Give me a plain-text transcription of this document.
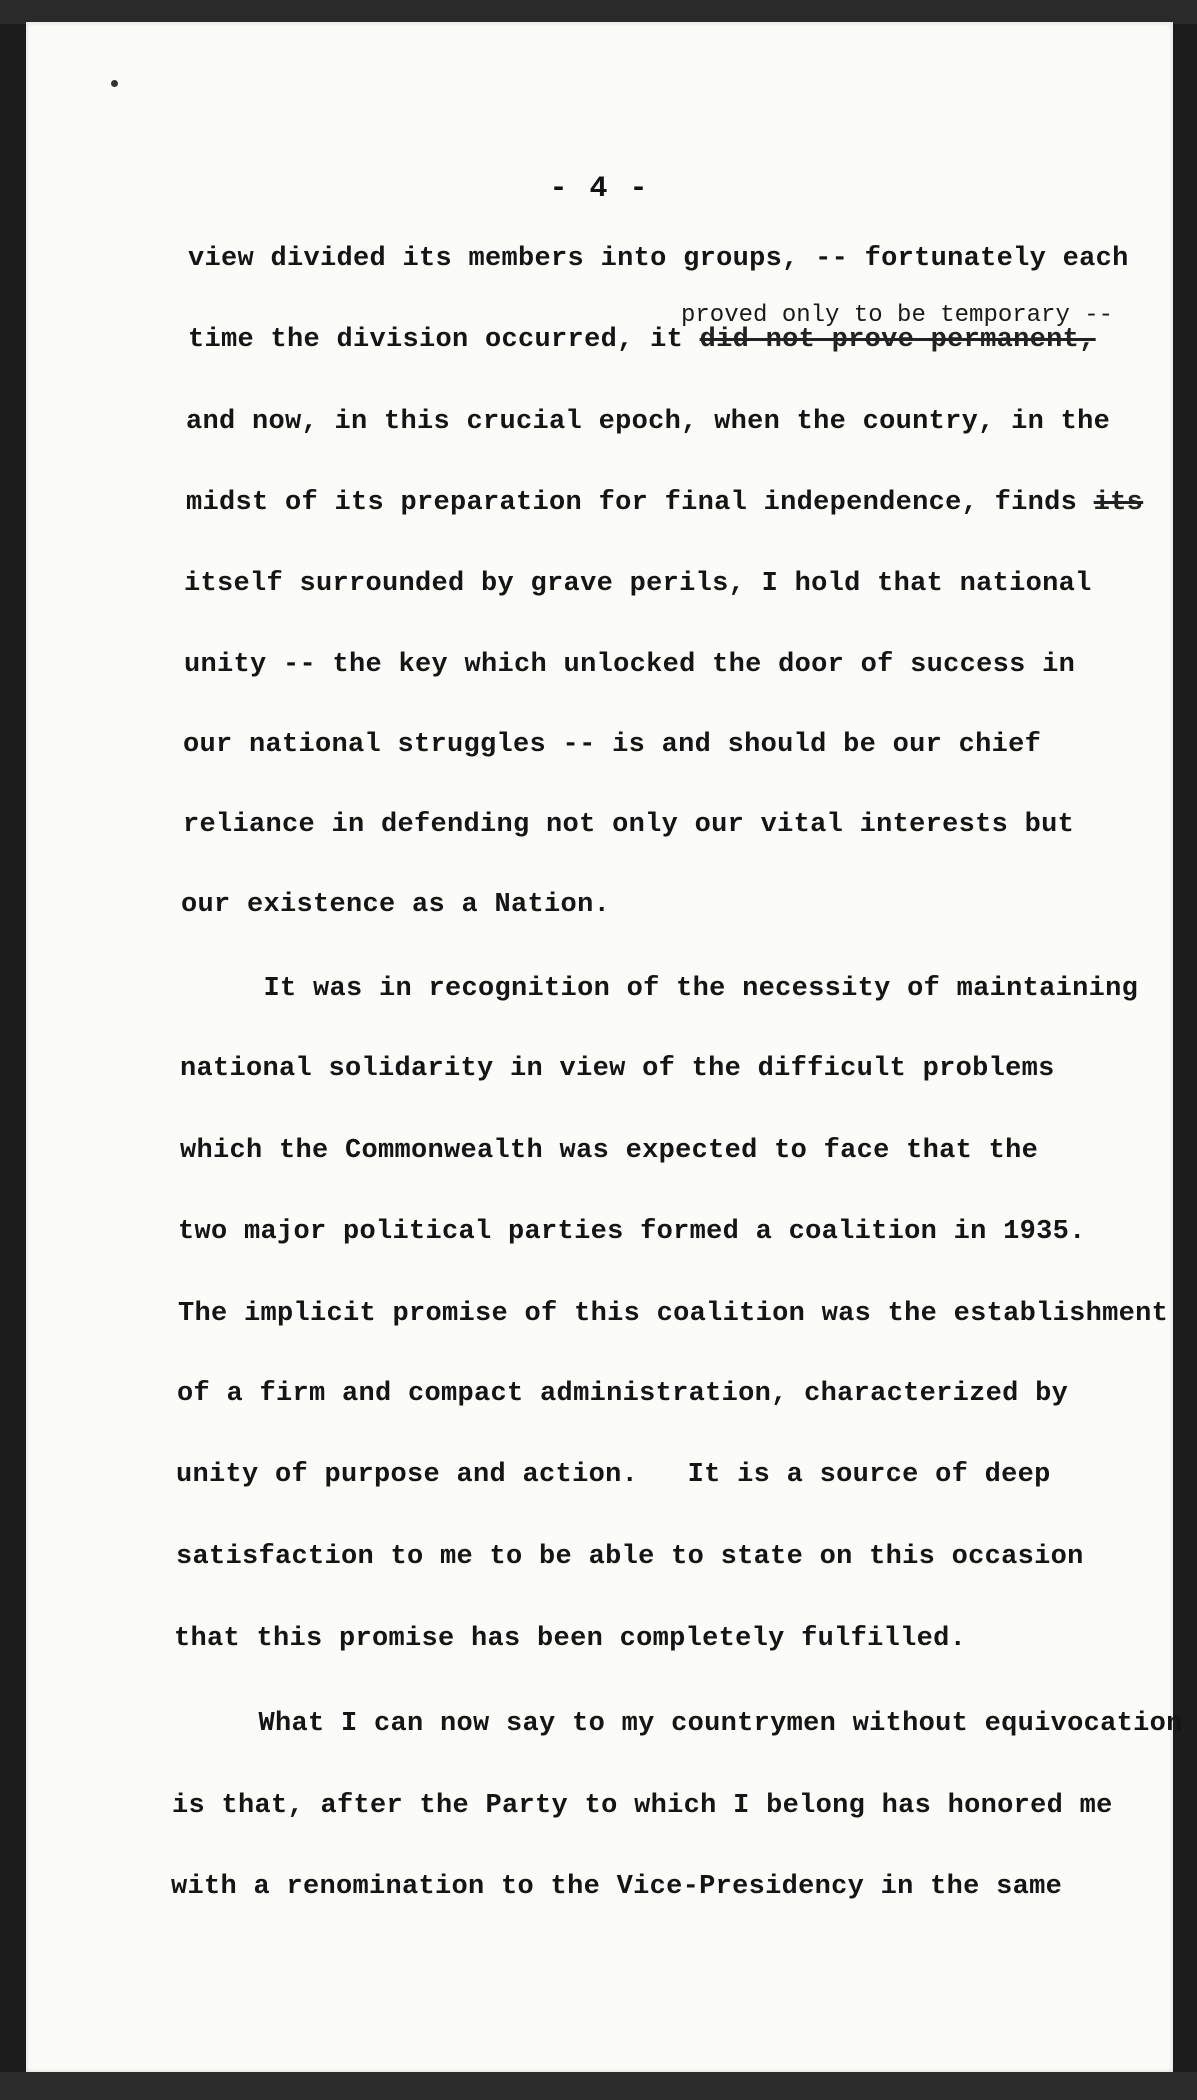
- 4 -
proved only to be temporary --
view divided its members into groups, -- fortunately each
time the division occurred, it did not prove permanent,
and now, in this crucial epoch, when the country, in the
midst of its preparation for final independence, finds its
itself surrounded by grave perils, I hold that national
unity -- the key which unlocked the door of success in
our national struggles -- is and should be our chief
reliance in defending not only our vital interests but
our existence as a Nation.
It was in recognition of the necessity of maintaining
national solidarity in view of the difficult problems
which the Commonwealth was expected to face that the
two major political parties formed a coalition in 1935.
The implicit promise of this coalition was the establishment
of a firm and compact administration, characterized by
unity of purpose and action.   It is a source of deep
satisfaction to me to be able to state on this occasion
that this promise has been completely fulfilled.
What I can now say to my countrymen without equivocation
is that, after the Party to which I belong has honored me
with a renomination to the Vice-Presidency in the same
